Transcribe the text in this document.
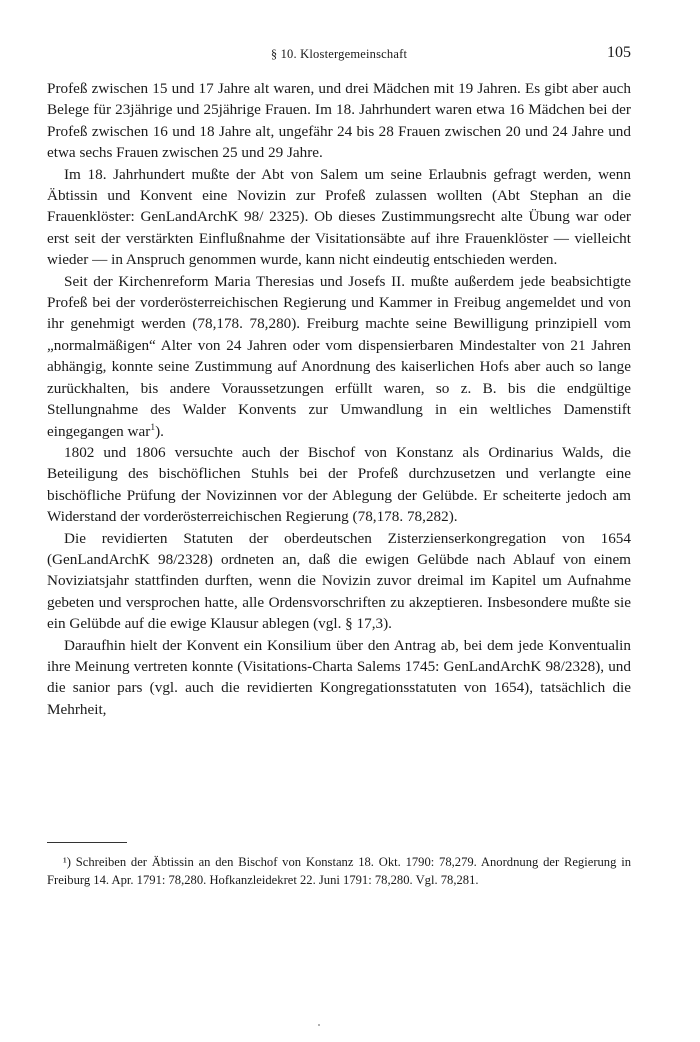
§ 10. Klostergemeinschaft	105

Profeß zwischen 15 und 17 Jahre alt waren, und drei Mädchen mit 19 Jahren. Es gibt aber auch Belege für 23jährige und 25jährige Frauen. Im 18. Jahrhundert waren etwa 16 Mädchen bei der Profeß zwischen 16 und 18 Jahre alt, ungefähr 24 bis 28 Frauen zwischen 20 und 24 Jahre und etwa sechs Frauen zwischen 25 und 29 Jahre.

Im 18. Jahrhundert mußte der Abt von Salem um seine Erlaubnis gefragt werden, wenn Äbtissin und Konvent eine Novizin zur Profeß zulassen wollten (Abt Stephan an die Frauenklöster: GenLandArchK 98/ 2325). Ob dieses Zustimmungsrecht alte Übung war oder erst seit der verstärkten Einflußnahme der Visitationsäbte auf ihre Frauenklöster — vielleicht wieder — in Anspruch genommen wurde, kann nicht eindeutig entschieden werden.

Seit der Kirchenreform Maria Theresias und Josefs II. mußte außerdem jede beabsichtigte Profeß bei der vorderösterreichischen Regierung und Kammer in Freibug angemeldet und von ihr genehmigt werden (78,178. 78,280). Freiburg machte seine Bewilligung prinzipiell vom „normalmäßigen“ Alter von 24 Jahren oder vom dispensierbaren Mindestalter von 21 Jahren abhängig, konnte seine Zustimmung auf Anordnung des kaiserlichen Hofs aber auch so lange zurückhalten, bis andere Voraussetzungen erfüllt waren, so z. B. bis die endgültige Stellungnahme des Walder Konvents zur Umwandlung in ein weltliches Damenstift eingegangen war$^1$).

1802 und 1806 versuchte auch der Bischof von Konstanz als Ordinarius Walds, die Beteiligung des bischöflichen Stuhls bei der Profeß durchzusetzen und verlangte eine bischöfliche Prüfung der Novizinnen vor der Ablegung der Gelübde. Er scheiterte jedoch am Widerstand der vorderösterreichischen Regierung (78,178. 78,282).

Die revidierten Statuten der oberdeutschen Zisterzienserkongregation von 1654 (GenLandArchK 98/2328) ordneten an, daß die ewigen Gelübde nach Ablauf von einem Noviziatsjahr stattfinden durften, wenn die Novizin zuvor dreimal im Kapitel um Aufnahme gebeten und versprochen hatte, alle Ordensvorschriften zu akzeptieren. Insbesondere mußte sie ein Gelübde auf die ewige Klausur ablegen (vgl. § 17,3).

Daraufhin hielt der Konvent ein Konsilium über den Antrag ab, bei dem jede Konventualin ihre Meinung vertreten konnte (Visitations-Charta Salems 1745: GenLandArchK 98/2328), und die sanior pars (vgl. auch die revidierten Kongregationsstatuten von 1654), tatsächlich die Mehrheit,

¹) Schreiben der Äbtissin an den Bischof von Konstanz 18. Okt. 1790: 78,279. Anordnung der Regierung in Freiburg 14. Apr. 1791: 78,280. Hofkanzleidekret 22. Juni 1791: 78,280. Vgl. 78,281.
